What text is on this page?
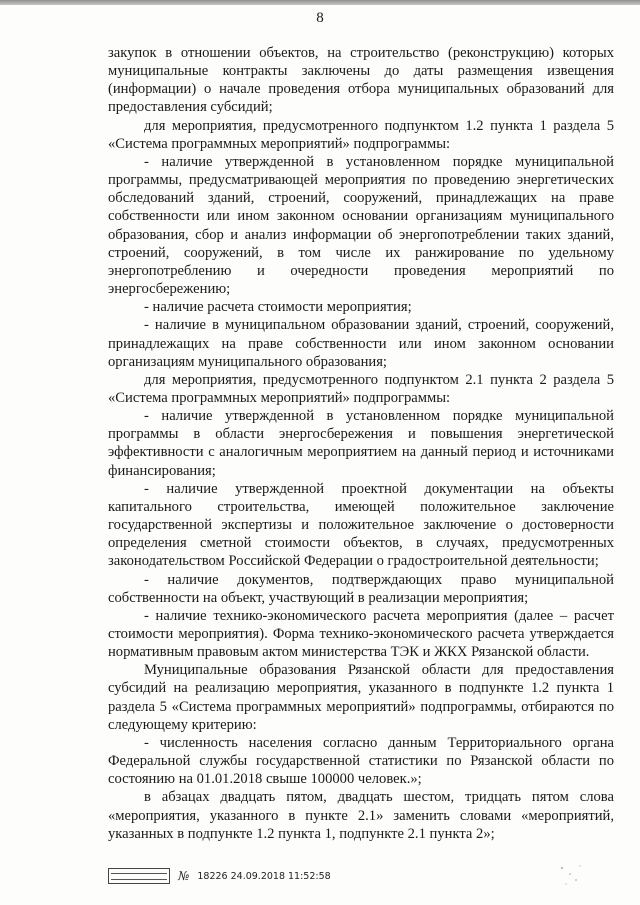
8

закупок в отношении объектов, на строительство (реконструкцию) которых муниципальные контракты заключены до даты размещения извещения (информации) о начале проведения отбора муниципальных образований для предоставления субсидий;

для мероприятия, предусмотренного подпунктом 1.2 пункта 1 раздела 5 «Система программных мероприятий» подпрограммы:

- наличие утвержденной в установленном порядке муниципальной программы, предусматривающей мероприятия по проведению энергетических обследований зданий, строений, сооружений, принадлежащих на праве собственности или ином законном основании организациям муниципального образования, сбор и анализ информации об энергопотреблении таких зданий, строений, сооружений, в том числе их ранжирование по удельному энергопотреблению и очередности проведения мероприятий по энергосбережению;

- наличие расчета стоимости мероприятия;

- наличие в муниципальном образовании зданий, строений, сооружений, принадлежащих на праве собственности или ином законном основании организациям муниципального образования;

для мероприятия, предусмотренного подпунктом 2.1 пункта 2 раздела 5 «Система программных мероприятий» подпрограммы:

- наличие утвержденной в установленном порядке муниципальной программы в области энергосбережения и повышения энергетической эффективности с аналогичным мероприятием на данный период и источниками финансирования;

- наличие утвержденной проектной документации на объекты капитального строительства, имеющей положительное заключение государственной экспертизы и положительное заключение о достоверности определения сметной стоимости объектов, в случаях, предусмотренных законодательством Российской Федерации о градостроительной деятельности;

- наличие документов, подтверждающих право муниципальной собственности на объект, участвующий в реализации мероприятия;

- наличие технико-экономического расчета мероприятия (далее – расчет стоимости мероприятия). Форма технико-экономического расчета утверждается нормативным правовым актом министерства ТЭК и ЖКХ Рязанской области.

Муниципальные образования Рязанской области для предоставления субсидий на реализацию мероприятия, указанного в подпункте 1.2 пункта 1 раздела 5 «Система программных мероприятий» подпрограммы, отбираются по следующему критерию:

- численность населения согласно данным Территориального органа Федеральной службы государственной статистики по Рязанской области по состоянию на 01.01.2018 свыше 100000 человек.»;

в абзацах двадцать пятом, двадцать шестом, тридцать пятом слова «мероприятия, указанного в пункте 2.1» заменить словами «мероприятий, указанных в подпункте 1.2 пункта 1, подпункте 2.1 пункта 2»;

№ 18226 24.09.2018 11:52:58
